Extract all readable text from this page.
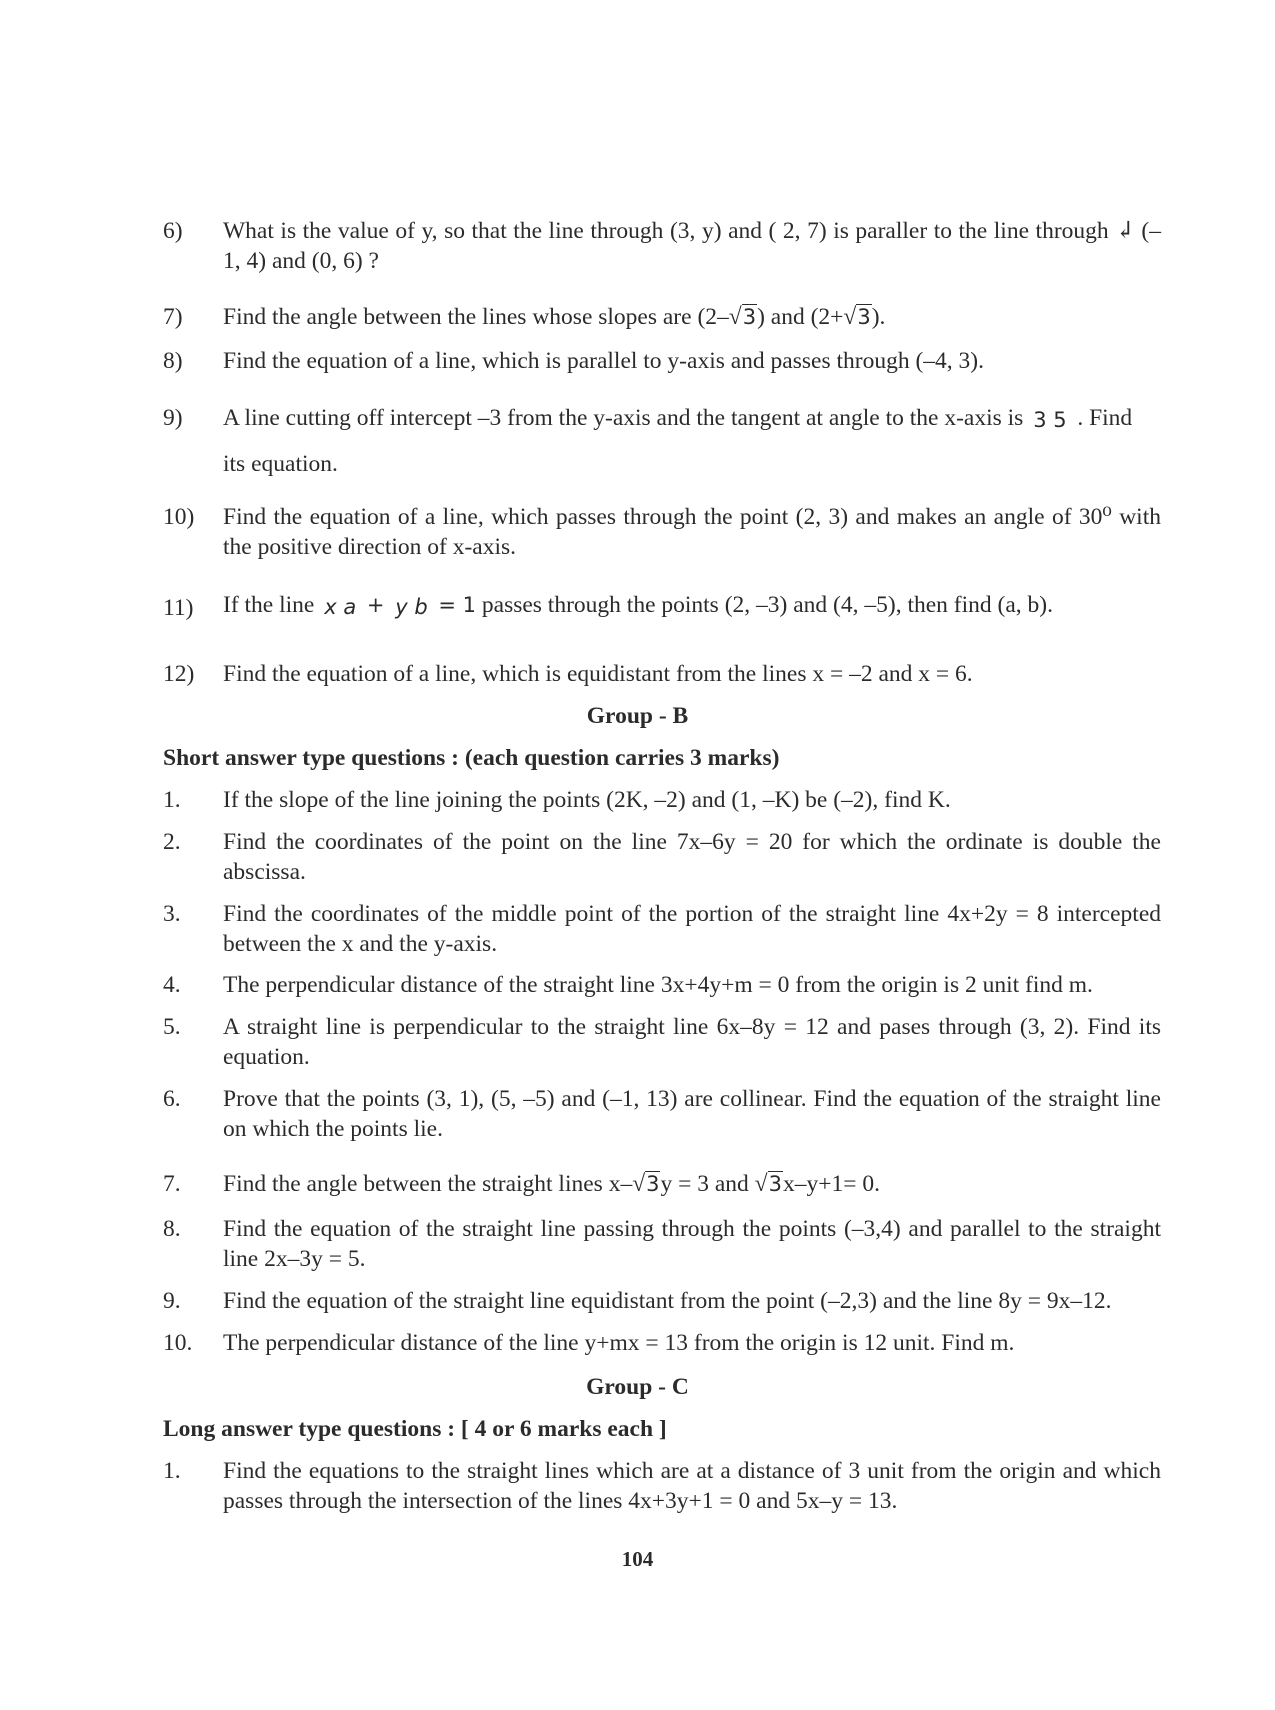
6) What is the value of y, so that the line through (3, y) and ( 2, 7) is paraller to the line through ↲ (–1, 4) and (0, 6) ?
7) Find the angle between the lines whose slopes are (2–√3) and (2+√3).
8) Find the equation of a line, which is parallel to y-axis and passes through (–4, 3).
9) A line cutting off intercept –3 from the y-axis and the tangent at angle to the x-axis is 3 5 . Find
its equation.
10) Find the equation of a line, which passes through the point (2, 3) and makes an angle of 30⁰ with the positive direction of x-axis.
11) If the line x a + y b = 1 passes through the points (2, –3) and (4, –5), then find (a, b).
12) Find the equation of a line, which is equidistant from the lines x = –2 and x = 6.
Group - B
Short answer type questions : (each question carries 3 marks)
1. If the slope of the line joining the points (2K, –2) and (1, –K) be (–2), find K.
2. Find the coordinates of the point on the line 7x–6y = 20 for which the ordinate is double the abscissa.
3. Find the coordinates of the middle point of the portion of the straight line 4x+2y = 8 intercepted between the x and the y-axis.
4. The perpendicular distance of the straight line 3x+4y+m = 0 from the origin is 2 unit find m.
5. A straight line is perpendicular to the straight line 6x–8y = 12 and pases through (3, 2). Find its equation.
6. Prove that the points (3, 1), (5, –5) and (–1, 13) are collinear. Find the equation of the straight line on which the points lie.
7. Find the angle between the straight lines x–√3y = 3 and √3x–y+1= 0.
8. Find the equation of the straight line passing through the points (–3,4) and parallel to the straight line 2x–3y = 5.
9. Find the equation of the straight line equidistant from the point (–2,3) and the line 8y = 9x–12.
10. The perpendicular distance of the line y+mx = 13 from the origin is 12 unit. Find m.
Group - C
Long answer type questions : [ 4 or 6 marks each ]
1. Find the equations to the straight lines which are at a distance of 3 unit from the origin and which passes through the intersection of the lines 4x+3y+1 = 0 and 5x–y = 13.
104
